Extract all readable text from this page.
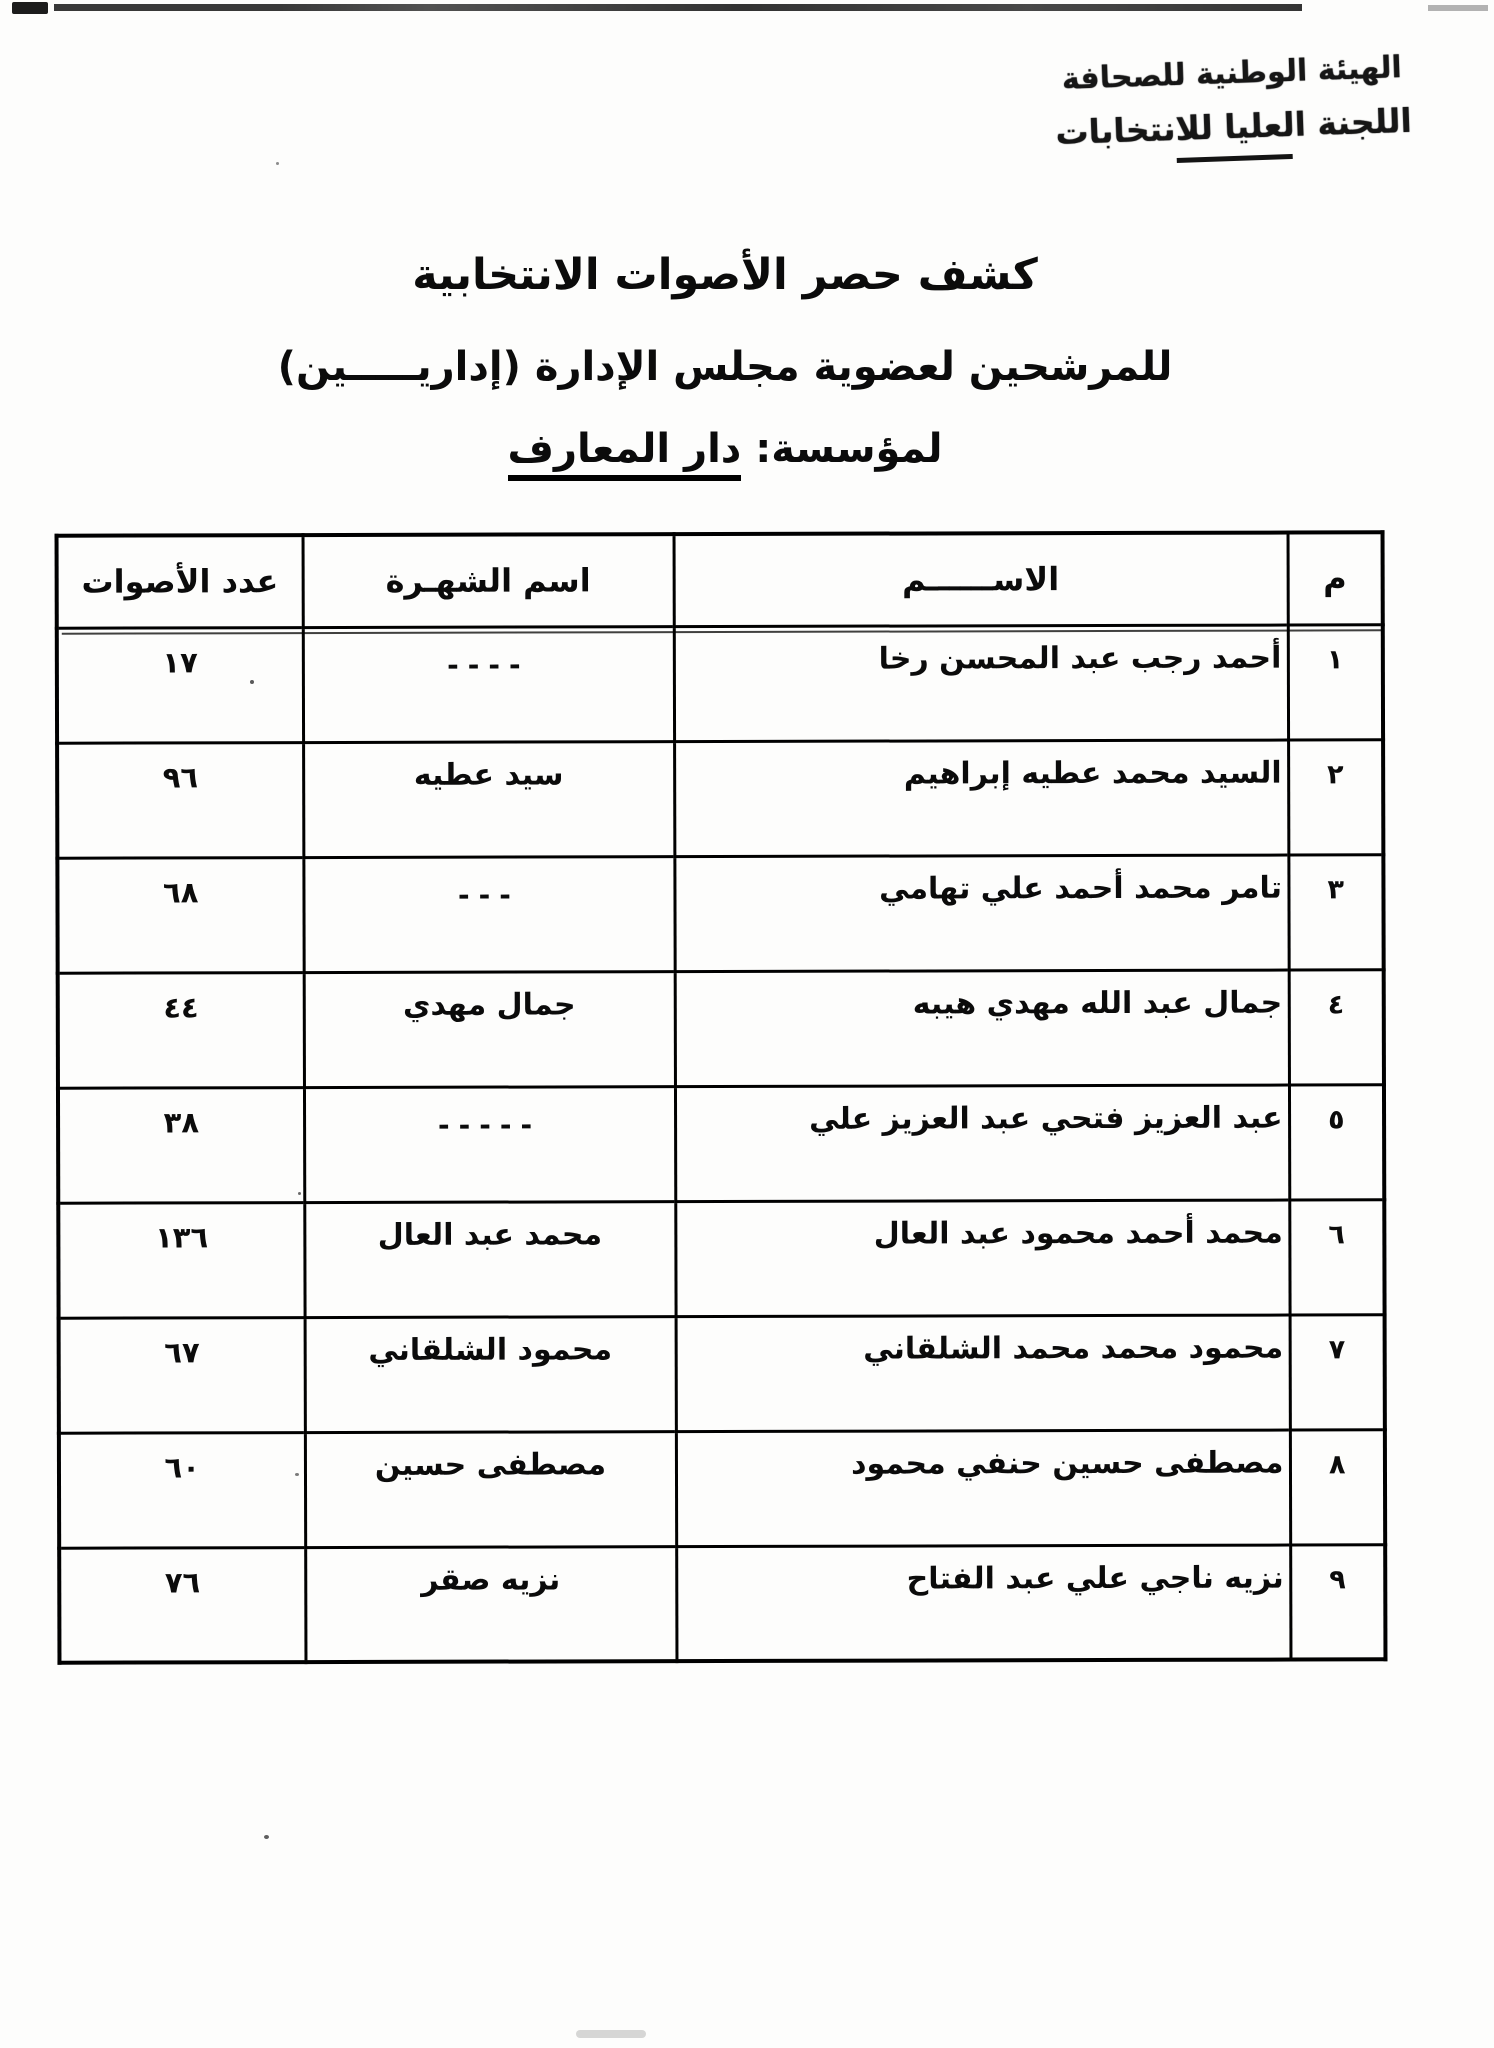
الهيئة الوطنية للصحافة
اللجنة العليا للانتخابات
كشف حصر الأصوات الانتخابية
للمرشحين لعضوية مجلس الإدارة (إداريـــــين)
لمؤسسة: دار المعارف
م	الاســــــم	اسم الشهـرة	عدد الأصوات
١	أحمد رجب عبد المحسن رخا	----	١٧
٢	السيد محمد عطيه إبراهيم	سيد عطيه	٩٦
٣	تامر محمد أحمد علي تهامي	---	٦٨
٤	جمال عبد الله مهدي هيبه	جمال مهدي	٤٤
٥	عبد العزيز فتحي عبد العزيز علي	-----	٣٨
٦	محمد أحمد محمود عبد العال	محمد عبد العال	١٣٦
٧	محمود محمد محمد الشلقاني	محمود الشلقاني	٦٧
٨	مصطفى حسين حنفي محمود	مصطفى حسين	٦٠
٩	نزيه ناجي علي عبد الفتاح	نزيه صقر	٧٦
